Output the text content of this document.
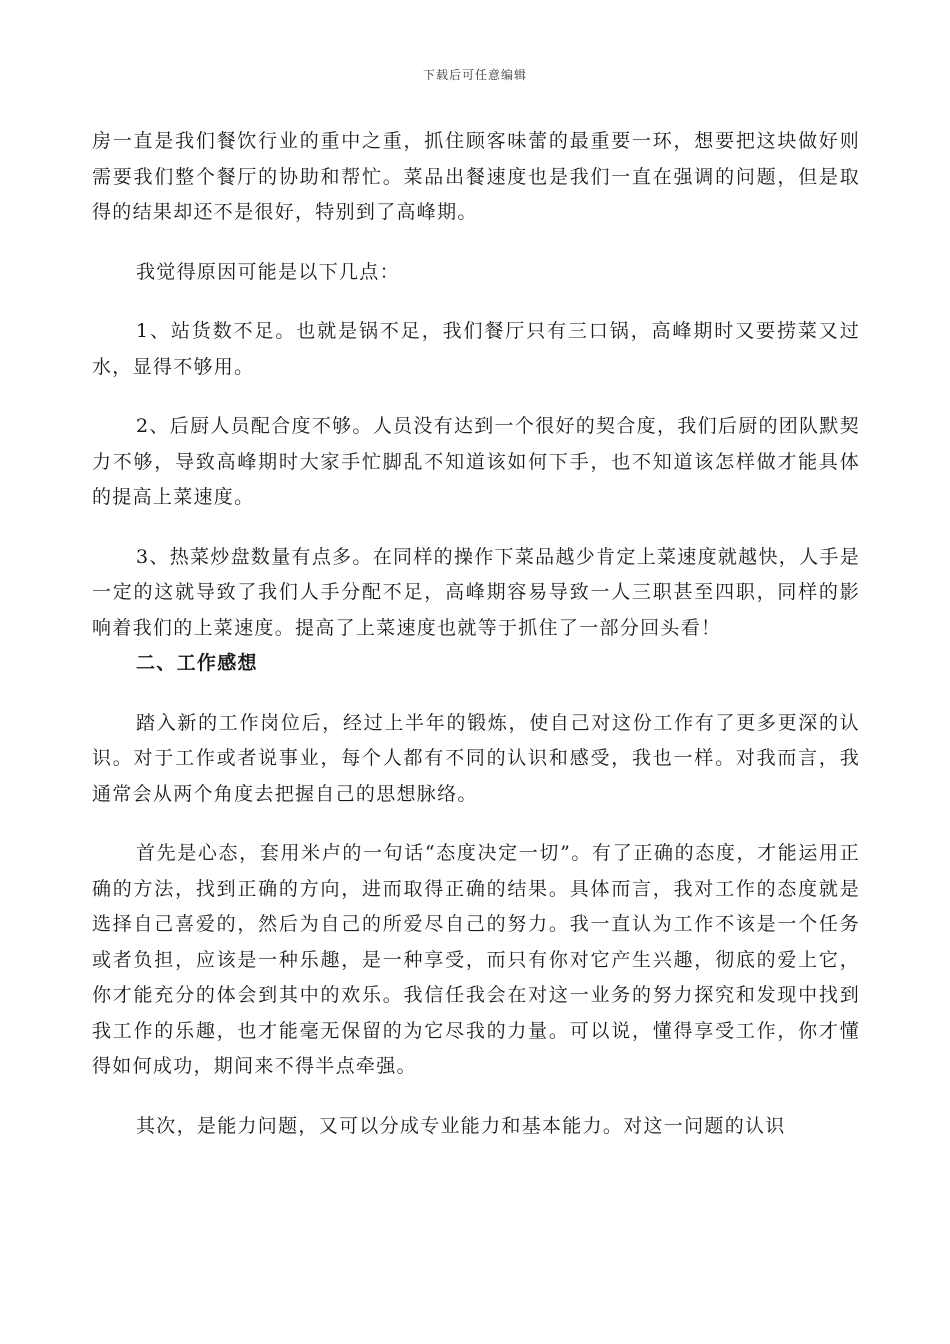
下载后可任意编辑

房一直是我们餐饮行业的重中之重，抓住顾客味蕾的最重要一环，想要把这块做好则需要我们整个餐厅的协助和帮忙。菜品出餐速度也是我们一直在强调的问题，但是取得的结果却还不是很好，特别到了高峰期。

我觉得原因可能是以下几点：

1、站货数不足。也就是锅不足，我们餐厅只有三口锅，高峰期时又要捞菜又过水，显得不够用。

2、后厨人员配合度不够。人员没有达到一个很好的契合度，我们后厨的团队默契力不够，导致高峰期时大家手忙脚乱不知道该如何下手，也不知道该怎样做才能具体的提高上菜速度。

3、热菜炒盘数量有点多。在同样的操作下菜品越少肯定上菜速度就越快，人手是一定的这就导致了我们人手分配不足，高峰期容易导致一人三职甚至四职，同样的影响着我们的上菜速度。提高了上菜速度也就等于抓住了一部分回头看！

二、工作感想

踏入新的工作岗位后，经过上半年的锻炼，使自己对这份工作有了更多更深的认识。对于工作或者说事业，每个人都有不同的认识和感受，我也一样。对我而言，我通常会从两个角度去把握自己的思想脉络。

首先是心态，套用米卢的一句话“态度决定一切”。有了正确的态度，才能运用正确的方法，找到正确的方向，进而取得正确的结果。具体而言，我对工作的态度就是选择自己喜爱的，然后为自己的所爱尽自己的努力。我一直认为工作不该是一个任务或者负担，应该是一种乐趣，是一种享受，而只有你对它产生兴趣，彻底的爱上它，你才能充分的体会到其中的欢乐。我信任我会在对这一业务的努力探究和发现中找到我工作的乐趣，也才能毫无保留的为它尽我的力量。可以说，懂得享受工作，你才懂得如何成功，期间来不得半点牵强。

其次，是能力问题，又可以分成专业能力和基本能力。对这一问题的认识
